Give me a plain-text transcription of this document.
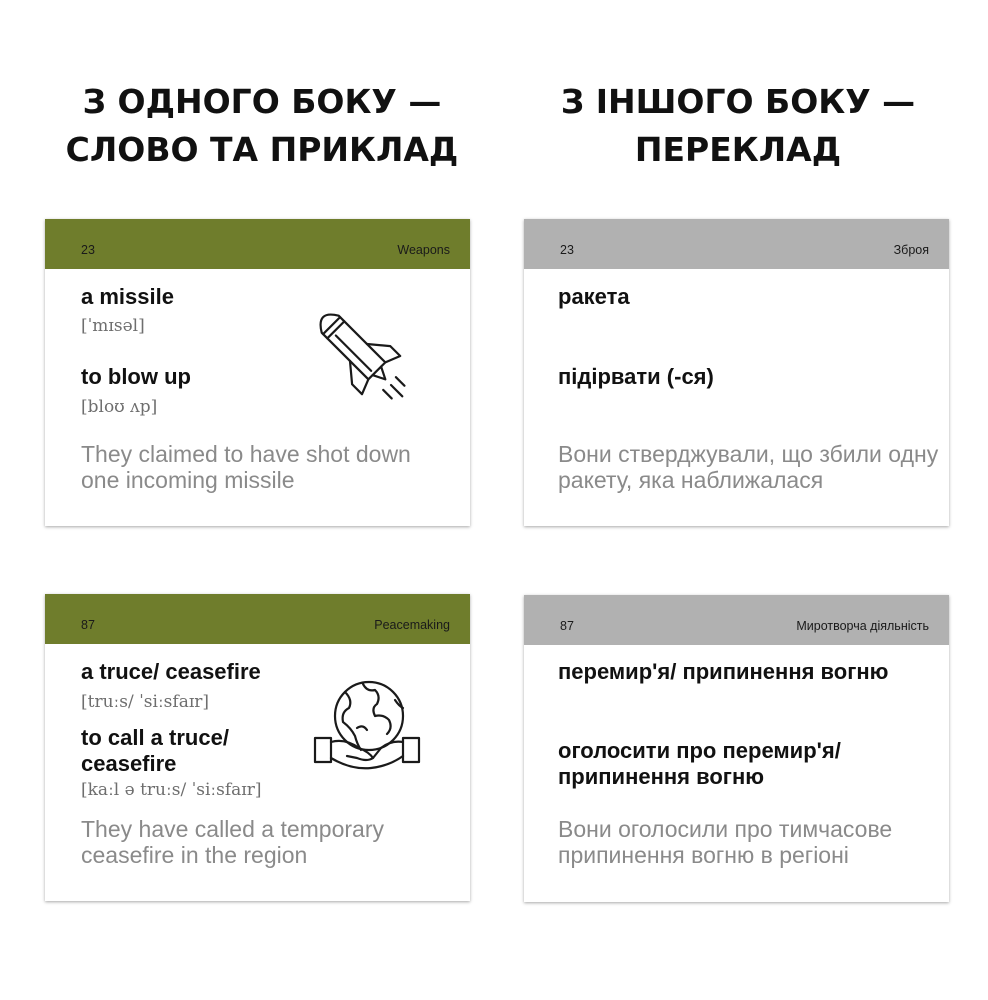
З ОДНОГО БОКУ —
СЛОВО ТА ПРИКЛАД
З ІНШОГО БОКУ —
ПЕРЕКЛАД
23	Weapons
a missile
[ˈmɪsəl]
to blow up
[bloʊ ʌp]
They claimed to have shot down one incoming missile
23	Зброя
ракета
підірвати (-ся)
Вони стверджували, що збили одну ракету, яка наближалася
87	Peacemaking
a truce/ ceasefire
[truːs/ ˈsiːsfaɪr]
to call a truce/
ceasefire
[kaːl ə truːs/ ˈsiːsfaɪr]
They have called a temporary ceasefire in the region
87	Миротворча діяльність
перемир'я/ припинення вогню
оголосити про перемир'я/
припинення вогню
Вони оголосили про тимчасове припинення вогню в регіоні
